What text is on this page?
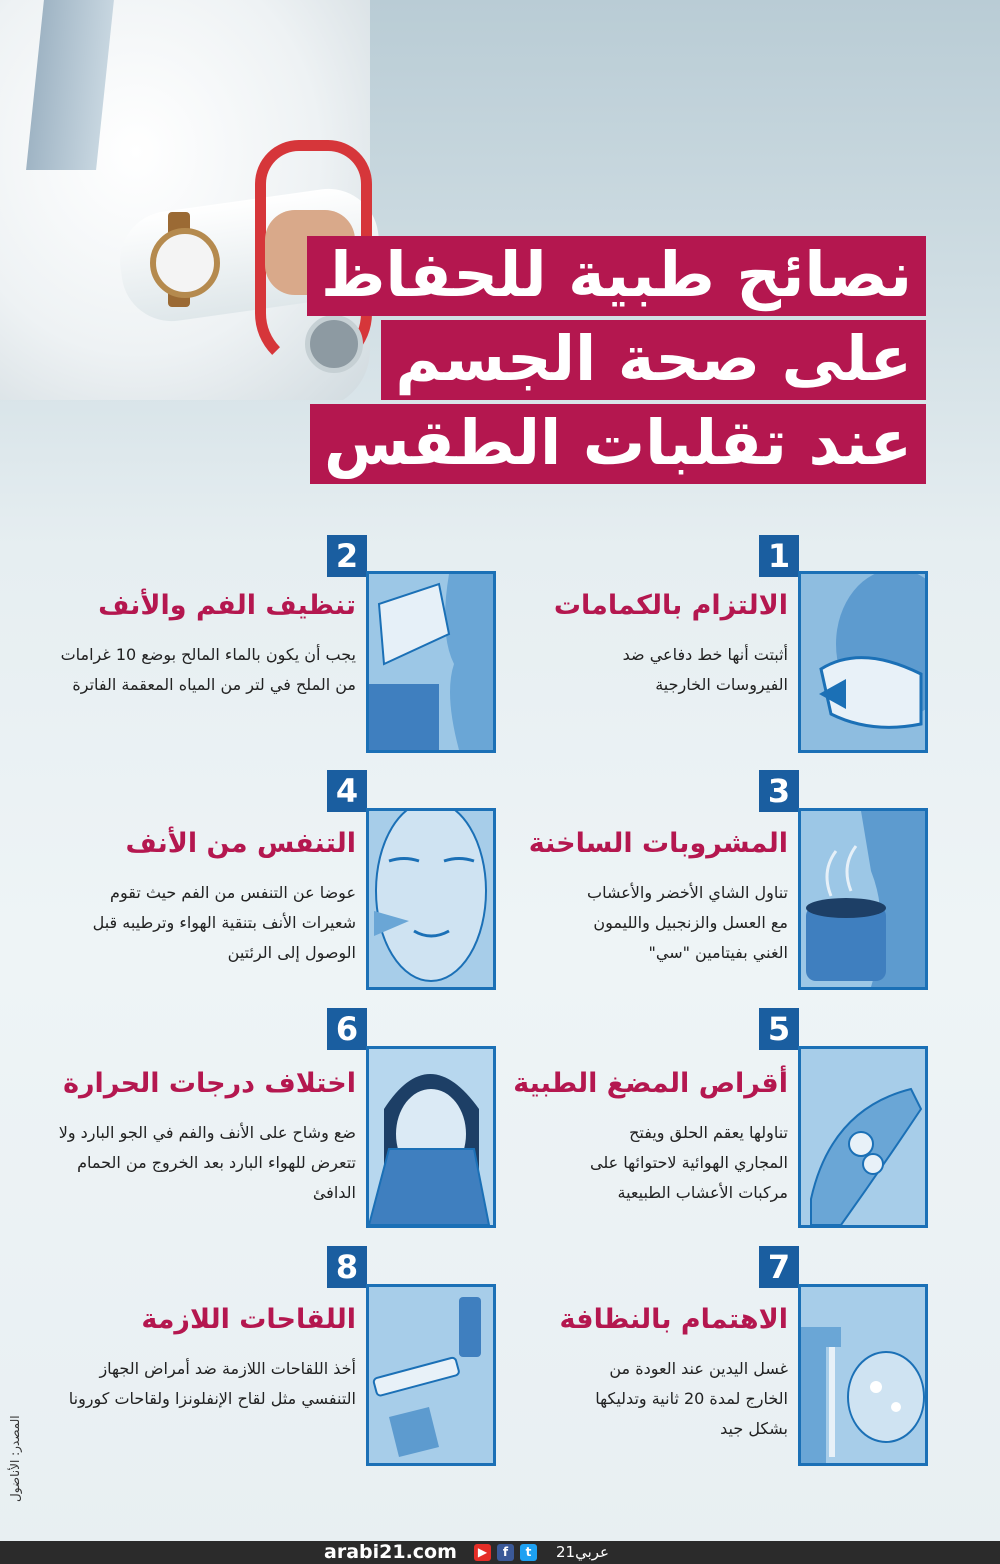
نصائح طبية للحفاظ
على صحة الجسم
عند تقلبات الطقس
1
الالتزام بالكمامات
أثبتت أنها خط دفاعي ضد الفيروسات الخارجية
2
تنظيف الفم والأنف
يجب أن يكون بالماء المالح بوضع 10 غرامات من الملح في لتر من المياه المعقمة الفاترة
3
المشروبات الساخنة
تناول الشاي الأخضر والأعشاب مع العسل والزنجبيل والليمون الغني بفيتامين "سي"
4
التنفس من الأنف
عوضا عن التنفس من الفم حيث تقوم شعيرات الأنف بتنقية الهواء وترطيبه قبل الوصول إلى الرئتين
5
أقراص المضغ الطبية
تناولها يعقم الحلق ويفتح المجاري الهوائية لاحتوائها على مركبات الأعشاب الطبيعية
6
اختلاف درجات الحرارة
ضع وشاح على الأنف والفم في الجو البارد ولا تتعرض للهواء البارد بعد الخروج من الحمام الدافئ
7
الاهتمام بالنظافة
غسل اليدين عند العودة من الخارج لمدة 20 ثانية وتدليكها بشكل جيد
8
اللقاحات اللازمة
أخذ اللقاحات اللازمة ضد أمراض الجهاز التنفسي مثل لقاح الإنفلونزا ولقاحات كورونا
المصدر: الأناضول
arabi21.com	▶	f	t	عربي21
